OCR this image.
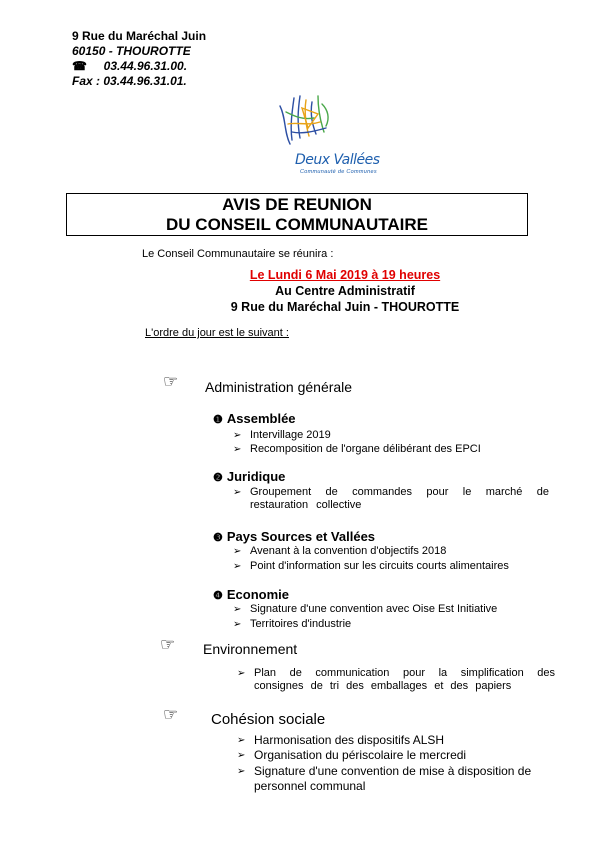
9 Rue du Maréchal Juin
60150 - THOUROTTE
☎ 03.44.96.31.00.
Fax : 03.44.96.31.01.
Deux Vallées
Communauté de Communes
AVIS DE REUNION
DU CONSEIL COMMUNAUTAIRE
Le Conseil Communautaire se réunira :
Le Lundi 6 Mai 2019 à 19 heures
Au Centre Administratif
9 Rue du Maréchal Juin - THOUROTTE
L'ordre du jour est le suivant :
☞ Administration générale
❶ Assemblée
➢ Intervillage 2019
➢ Recomposition de l'organe délibérant des EPCI
❷ Juridique
➢ Groupement de commandes pour le marché de restauration collective
❸ Pays Sources et Vallées
➢ Avenant à la convention d'objectifs 2018
➢ Point d'information sur les circuits courts alimentaires
❹ Economie
➢ Signature d'une convention avec Oise Est Initiative
➢ Territoires d'industrie
☞ Environnement
➢ Plan de communication pour la simplification des consignes de tri des emballages et des papiers
☞ Cohésion sociale
➢ Harmonisation des dispositifs ALSH
➢ Organisation du périscolaire le mercredi
➢ Signature d'une convention de mise à disposition de personnel communal
